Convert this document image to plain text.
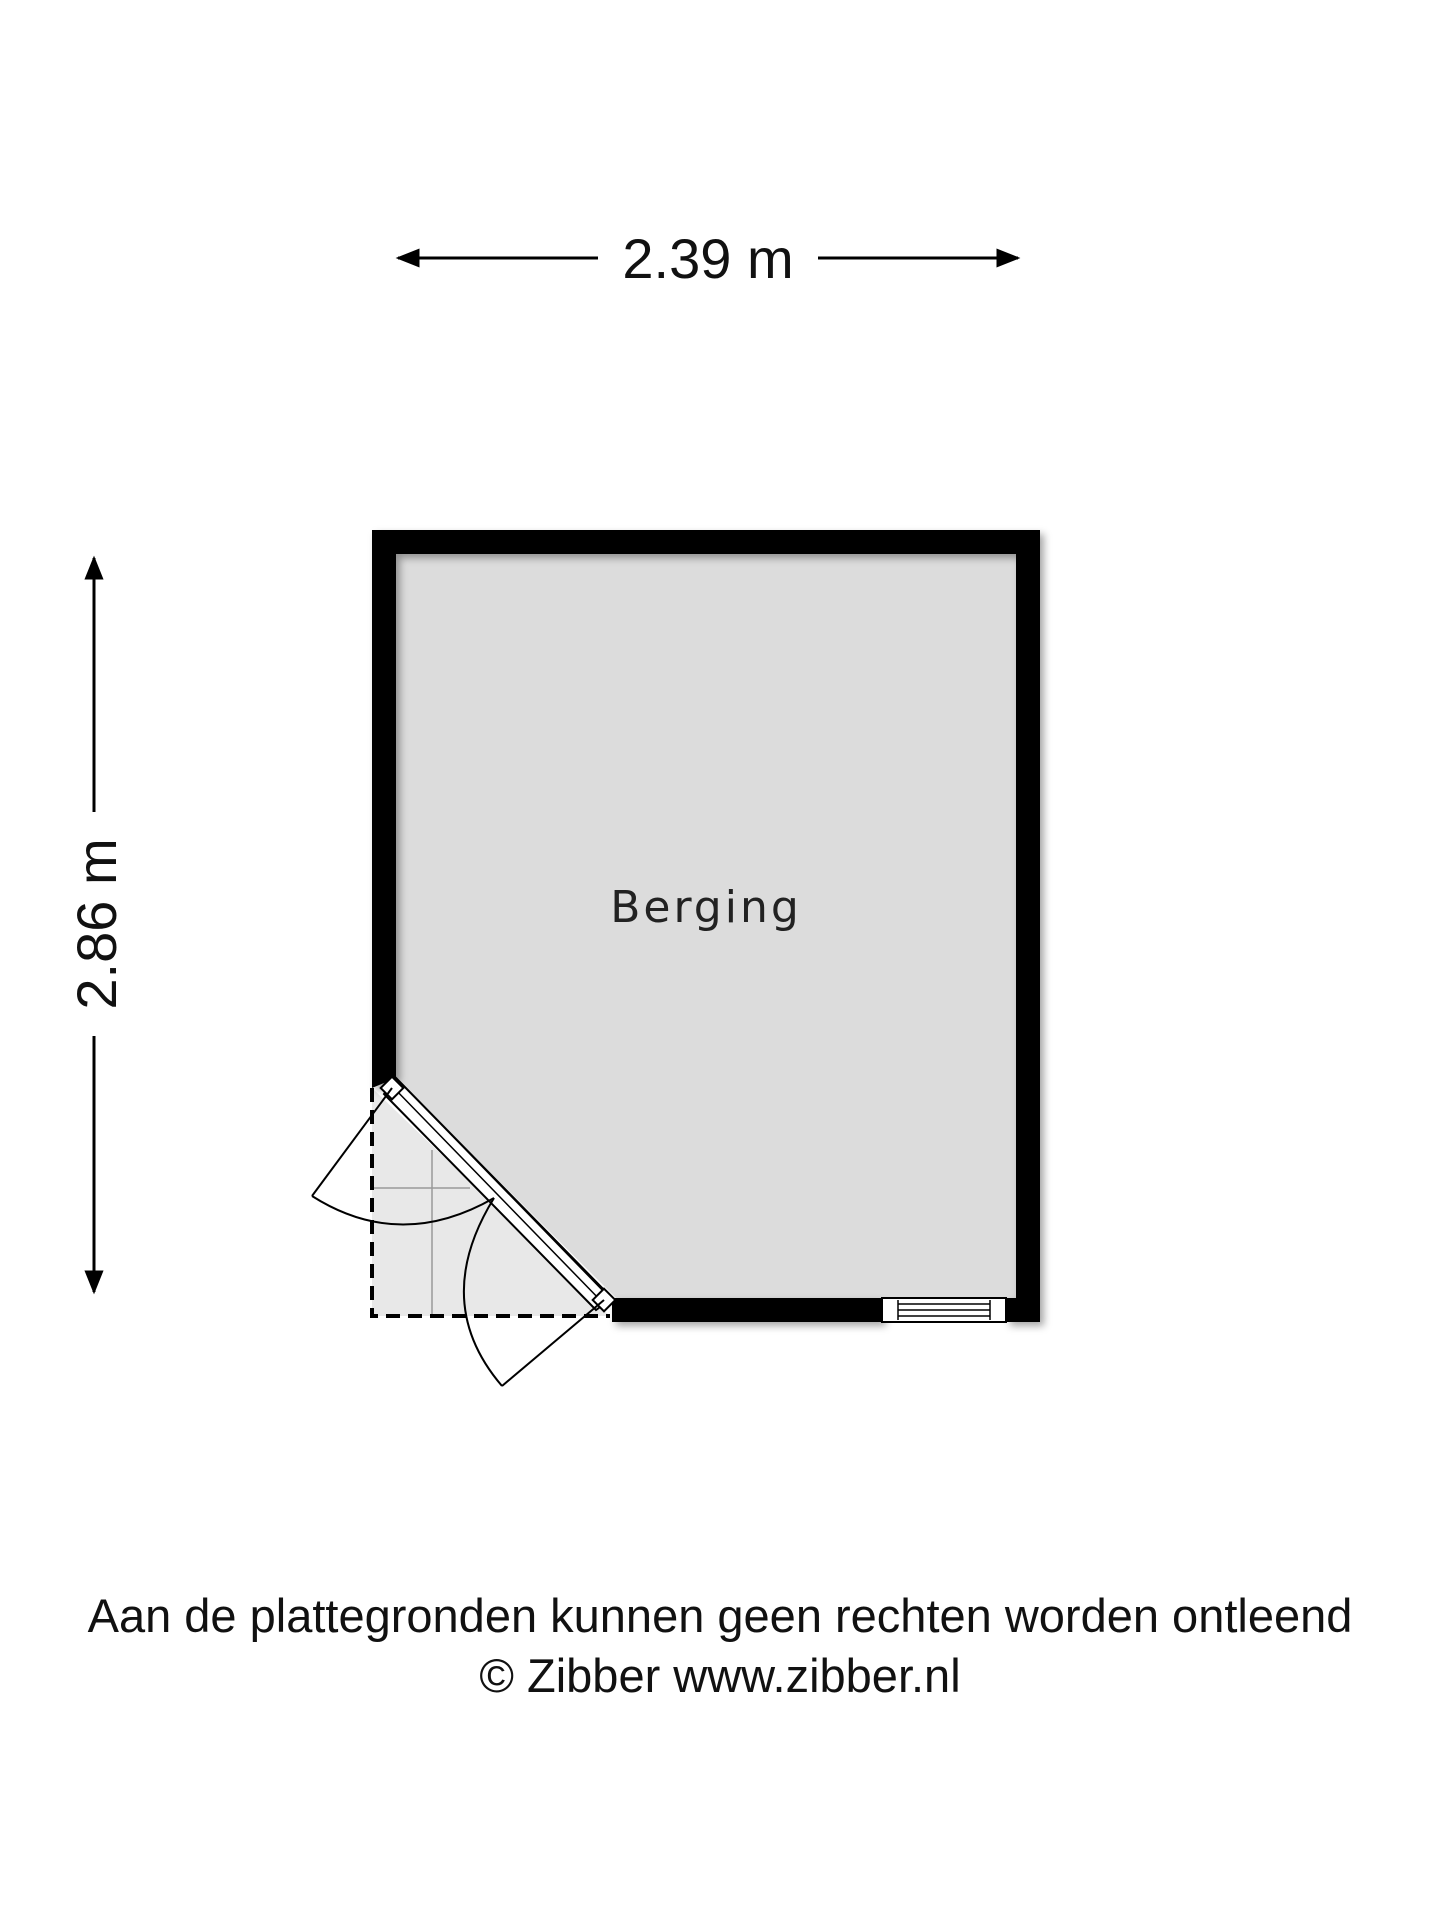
2.39 m
2.86 m	Berging
Aan de plattegronden kunnen geen rechten worden ontleend
© Zibber www.zibber.nl
